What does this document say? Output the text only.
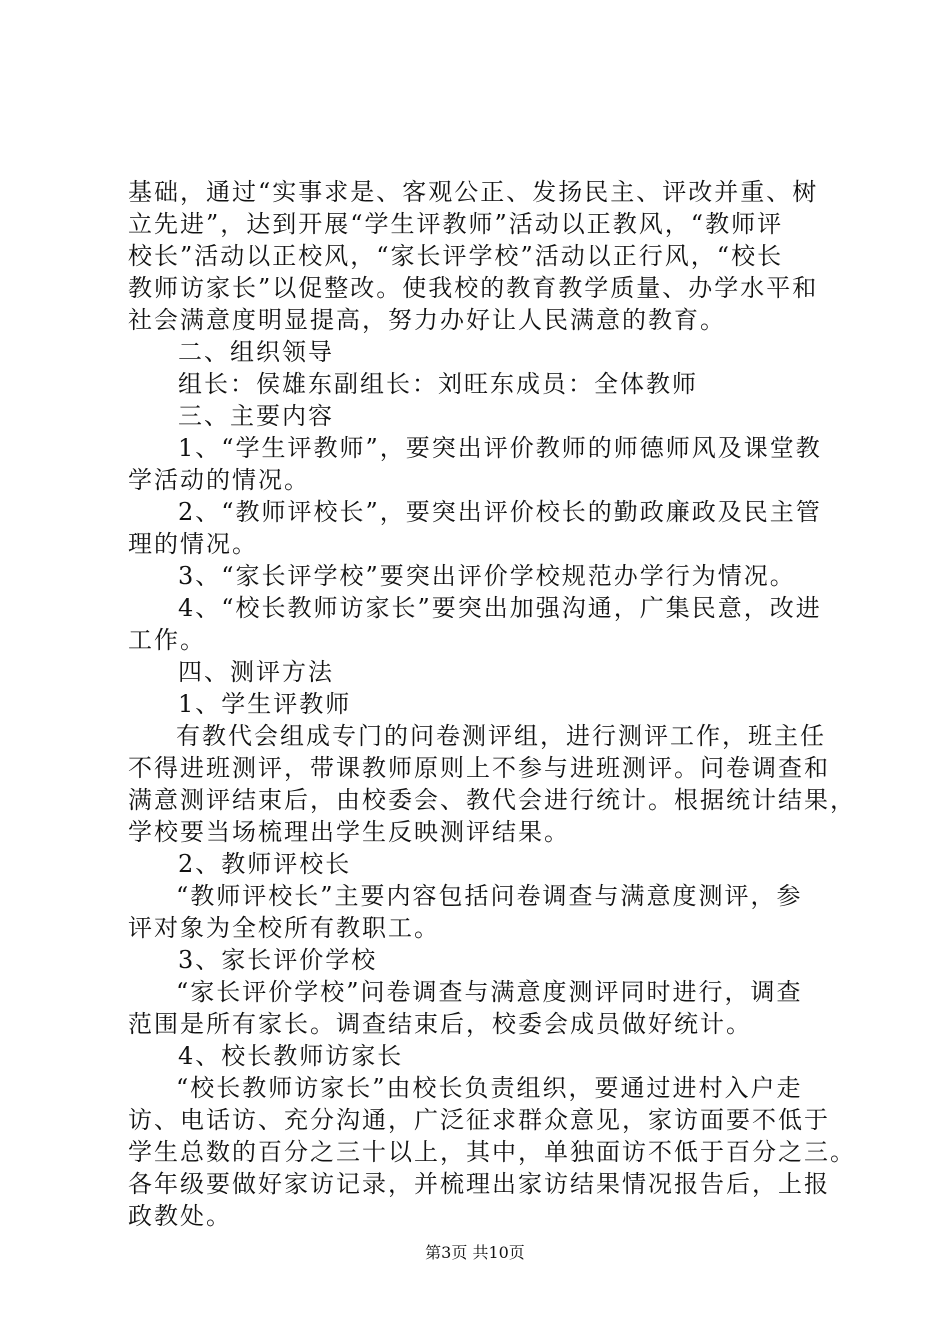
基础，通过“实事求是、客观公正、发扬民主、评改并重、树
立先进”，达到开展“学生评教师”活动以正教风，“教师评
校长”活动以正校风，“家长评学校”活动以正行风，“校长
教师访家长”以促整改。使我校的教育教学质量、办学水平和
社会满意度明显提高，努力办好让人民满意的教育。
二、组织领导
组长：侯雄东副组长：刘旺东成员：全体教师
三、主要内容
1、“学生评教师”，要突出评价教师的师德师风及课堂教
学活动的情况。
2、“教师评校长”，要突出评价校长的勤政廉政及民主管
理的情况。
3、“家长评学校”要突出评价学校规范办学行为情况。
4、“校长教师访家长”要突出加强沟通，广集民意，改进
工作。
四、测评方法
1、学生评教师
有教代会组成专门的问卷测评组，进行测评工作，班主任
不得进班测评，带课教师原则上不参与进班测评。问卷调查和
满意测评结束后，由校委会、教代会进行统计。根据统计结果，
学校要当场梳理出学生反映测评结果。
2、教师评校长
“教师评校长”主要内容包括问卷调查与满意度测评，参
评对象为全校所有教职工。
3、家长评价学校
“家长评价学校”问卷调查与满意度测评同时进行，调查
范围是所有家长。调查结束后，校委会成员做好统计。
4、校长教师访家长
“校长教师访家长”由校长负责组织，要通过进村入户走
访、电话访、充分沟通，广泛征求群众意见，家访面要不低于
学生总数的百分之三十以上，其中，单独面访不低于百分之三。
各年级要做好家访记录，并梳理出家访结果情况报告后，上报
政教处。
第3页 共10页
